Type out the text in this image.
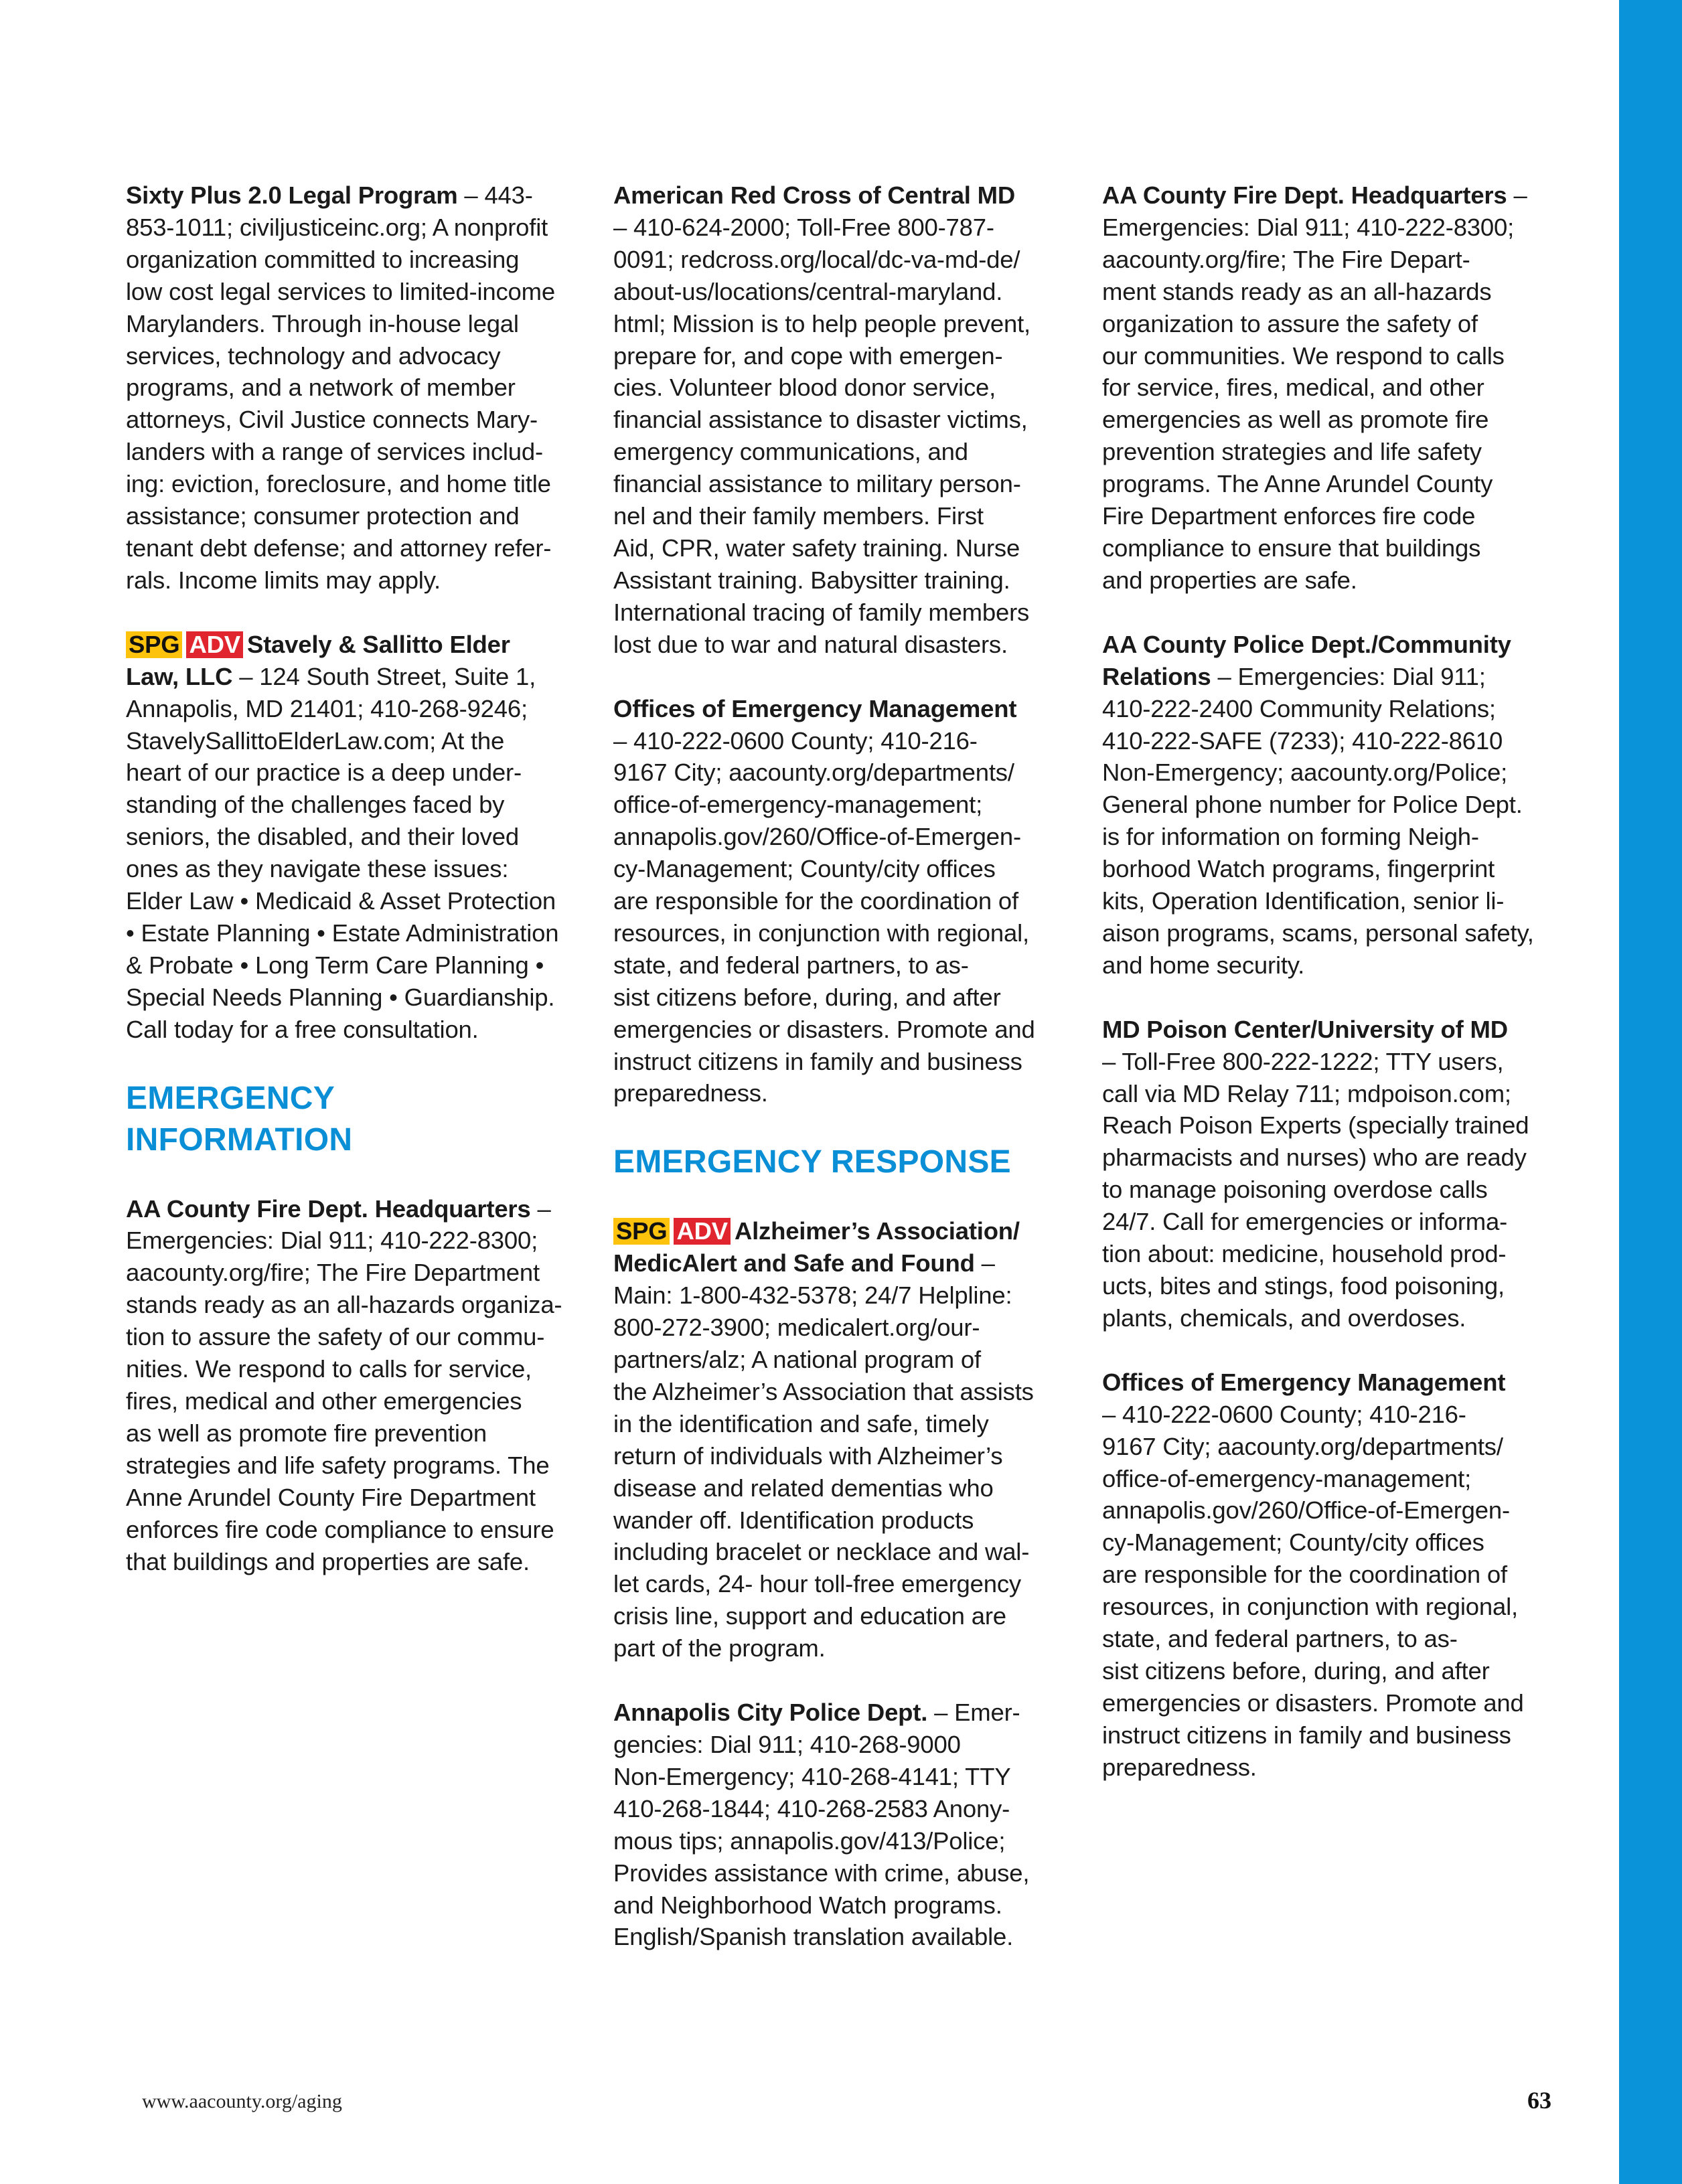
Sixty Plus 2.0 Legal Program – 443-
853-1011; civiljusticeinc.org; A nonprofit
organization committed to increasing
low cost legal services to limited-income
Marylanders. Through in-house legal
services, technology and advocacy
programs, and a network of member
attorneys, Civil Justice connects Mary-
landers with a range of services includ-
ing: eviction, foreclosure, and home title
assistance; consumer protection and
tenant debt defense; and attorney refer-
rals. Income limits may apply.
SPG ADV Stavely & Sallitto Elder
Law, LLC – 124 South Street, Suite 1,
Annapolis, MD 21401; 410-268-9246;
StavelySallittoElderLaw.com; At the
heart of our practice is a deep under-
standing of the challenges faced by
seniors, the disabled, and their loved
ones as they navigate these issues:
Elder Law • Medicaid & Asset Protection
• Estate Planning • Estate Administration
& Probate • Long Term Care Planning •
Special Needs Planning • Guardianship.
Call today for a free consultation.
EMERGENCY
INFORMATION
AA County Fire Dept. Headquarters –
Emergencies: Dial 911; 410-222-8300;
aacounty.org/fire; The Fire Department
stands ready as an all-hazards organiza-
tion to assure the safety of our commu-
nities. We respond to calls for service,
fires, medical and other emergencies
as well as promote fire prevention
strategies and life safety programs. The
Anne Arundel County Fire Department
enforces fire code compliance to ensure
that buildings and properties are safe.
American Red Cross of Central MD
– 410-624-2000; Toll-Free 800-787-
0091; redcross.org/local/dc-va-md-de/
about-us/locations/central-maryland.
html; Mission is to help people prevent,
prepare for, and cope with emergen-
cies. Volunteer blood donor service,
financial assistance to disaster victims,
emergency communications, and
financial assistance to military person-
nel and their family members. First
Aid, CPR, water safety training. Nurse
Assistant training. Babysitter training.
International tracing of family members
lost due to war and natural disasters.
Offices of Emergency Management
– 410-222-0600 County; 410-216-
9167 City; aacounty.org/departments/
office-of-emergency-management;
annapolis.gov/260/Office-of-Emergen-
cy-Management; County/city offices
are responsible for the coordination of
resources, in conjunction with regional,
state, and federal partners, to as-
sist citizens before, during, and after
emergencies or disasters. Promote and
instruct citizens in family and business
preparedness.
EMERGENCY RESPONSE
SPG ADV Alzheimer’s Association/
MedicAlert and Safe and Found –
Main: 1-800-432-5378; 24/7 Helpline:
800-272-3900; medicalert.org/our-
partners/alz; A national program of
the Alzheimer’s Association that assists
in the identification and safe, timely
return of individuals with Alzheimer’s
disease and related dementias who
wander off. Identification products
including bracelet or necklace and wal-
let cards, 24- hour toll-free emergency
crisis line, support and education are
part of the program.
Annapolis City Police Dept. – Emer-
gencies: Dial 911; 410-268-9000
Non-Emergency; 410-268-4141; TTY
410-268-1844; 410-268-2583 Anony-
mous tips; annapolis.gov/413/Police;
Provides assistance with crime, abuse,
and Neighborhood Watch programs.
English/Spanish translation available.
AA County Fire Dept. Headquarters –
Emergencies: Dial 911; 410-222-8300;
aacounty.org/fire; The Fire Depart-
ment stands ready as an all-hazards
organization to assure the safety of
our communities. We respond to calls
for service, fires, medical, and other
emergencies as well as promote fire
prevention strategies and life safety
programs. The Anne Arundel County
Fire Department enforces fire code
compliance to ensure that buildings
and properties are safe.
AA County Police Dept./Community
Relations – Emergencies: Dial 911;
410-222-2400 Community Relations;
410-222-SAFE (7233); 410-222-8610
Non-Emergency; aacounty.org/Police;
General phone number for Police Dept.
is for information on forming Neigh-
borhood Watch programs, fingerprint
kits, Operation Identification, senior li-
aison programs, scams, personal safety,
and home security.
MD Poison Center/University of MD
– Toll-Free 800-222-1222; TTY users,
call via MD Relay 711; mdpoison.com;
Reach Poison Experts (specially trained
pharmacists and nurses) who are ready
to manage poisoning overdose calls
24/7. Call for emergencies or informa-
tion about: medicine, household prod-
ucts, bites and stings, food poisoning,
plants, chemicals, and overdoses.
Offices of Emergency Management
– 410-222-0600 County; 410-216-
9167 City; aacounty.org/departments/
office-of-emergency-management;
annapolis.gov/260/Office-of-Emergen-
cy-Management; County/city offices
are responsible for the coordination of
resources, in conjunction with regional,
state, and federal partners, to as-
sist citizens before, during, and after
emergencies or disasters. Promote and
instruct citizens in family and business
preparedness.
www.aacounty.org/aging	63
